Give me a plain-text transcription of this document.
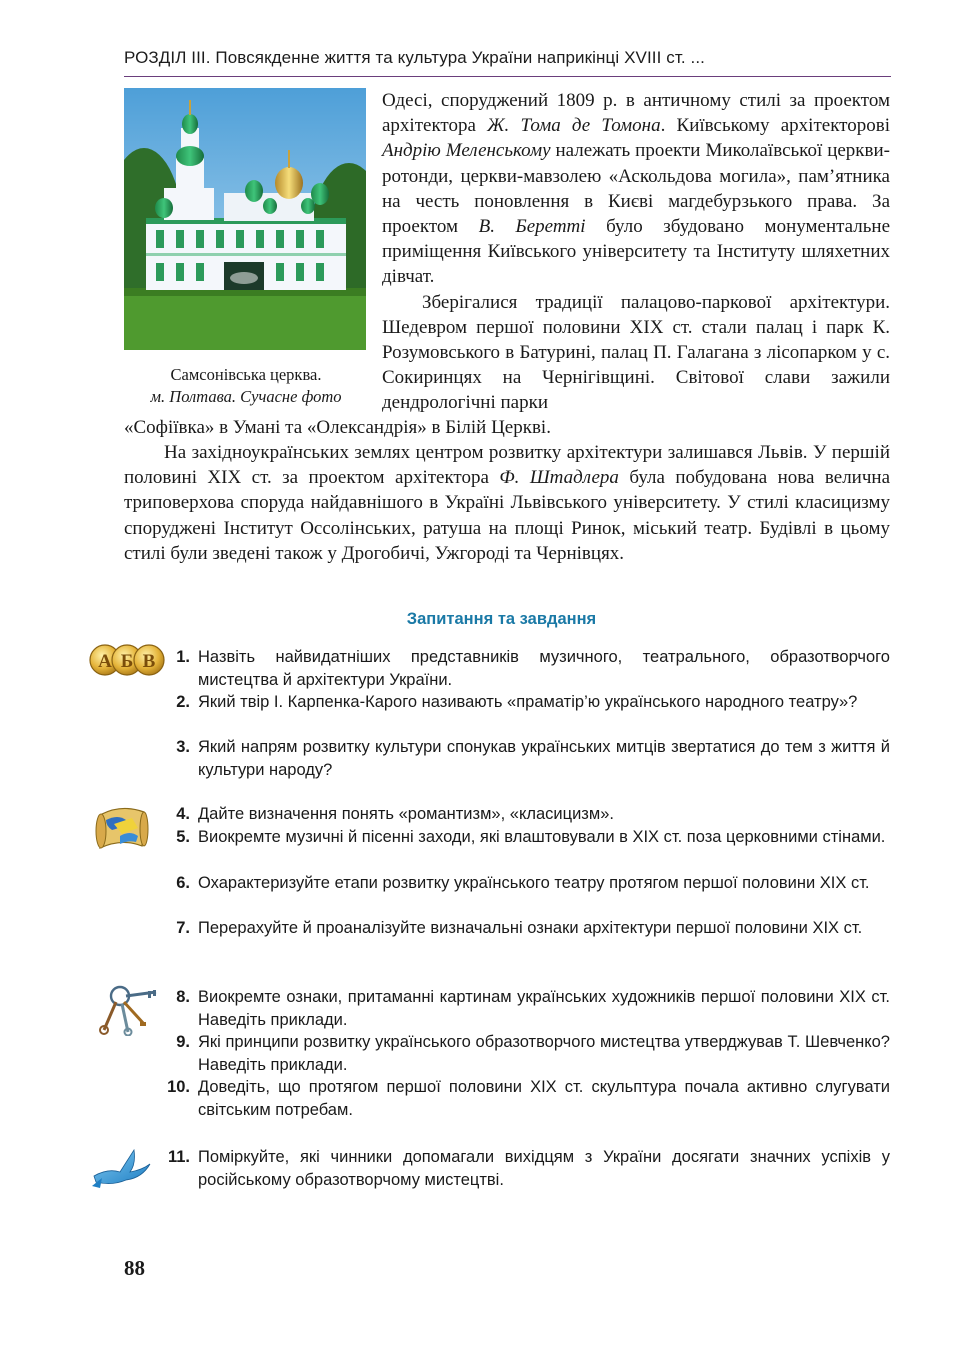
РОЗДІЛ III. Повсякденне життя та культура України наприкінці XVIII ст. ...
Самсонівська церква.
м. Полтава. Сучасне фото

Одесі, споруджений 1809 р. в античному стилі за проектом архітектора Ж. Тома де Томона. Київському архітекторові Андрію Меленському належать проекти Миколаївської церкви-ротонди, церкви-мавзолею «Аскольдова могила», пам’ятника на честь поновлення в Києві магдебурзького права. За проектом В. Беретті було збудовано монументальне приміщення Київського університету та Інституту шляхетних дівчат.

Зберігалися традиції палацово-паркової архітектури. Шедевром першої половини XIX ст. стали палац і парк К. Розумовського в Батурині, палац П. Галагана з лісопарком у с. Сокиринцях на Чернігівщині. Світової слави зажили дендрологічні парки

«Софіївка» в Умані та «Олександрія» в Білій Церкві.
На західноукраїнських землях центром розвитку архітектури залишався Львів. У першій половині XIX ст. за проектом архітектора Ф. Штадлера була побудована нова велична триповерхова споруда найдавнішого в Україні Львівського університету. У стилі класицизму споруджені Інститут Оссолінських, ратуша на площі Ринок, міський театр. Будівлі в цьому стилі були зведені також у Дрогобичі, Ужгороді та Чернівцях.
Запитання та завдання
А Б В	1. Назвіть найвидатніших представників музичного, театрального, образотворчого мистецтва й архітектури України.
2. Який твір І. Карпенка-Карого називають «праматір’ю українського народного театру»?
3. Який напрям розвитку культури спонукав українських митців звертатися до тем з життя й культури народу?
4. Дайте визначення понять «романтизм», «класицизм».
5. Виокремте музичні й пісенні заходи, які влаштовували в XIX ст. поза церковними стінами.
6. Охарактеризуйте етапи розвитку українського театру протягом першої половини XIX ст.
7. Перерахуйте й проаналізуйте визначальні ознаки архітектури першої половини XIX ст.
8. Виокремте ознаки, притаманні картинам українських художників першої половини XIX ст. Наведіть приклади.
9. Які принципи розвитку українського образотворчого мистецтва утверджував Т. Шевченко? Наведіть приклади.
10. Доведіть, що протягом першої половини XIX ст. скульптура почала активно слугувати світським потребам.
11. Поміркуйте, які чинники допомагали вихідцям з України досягати значних успіхів у російському образотворчому мистецтві.
88
